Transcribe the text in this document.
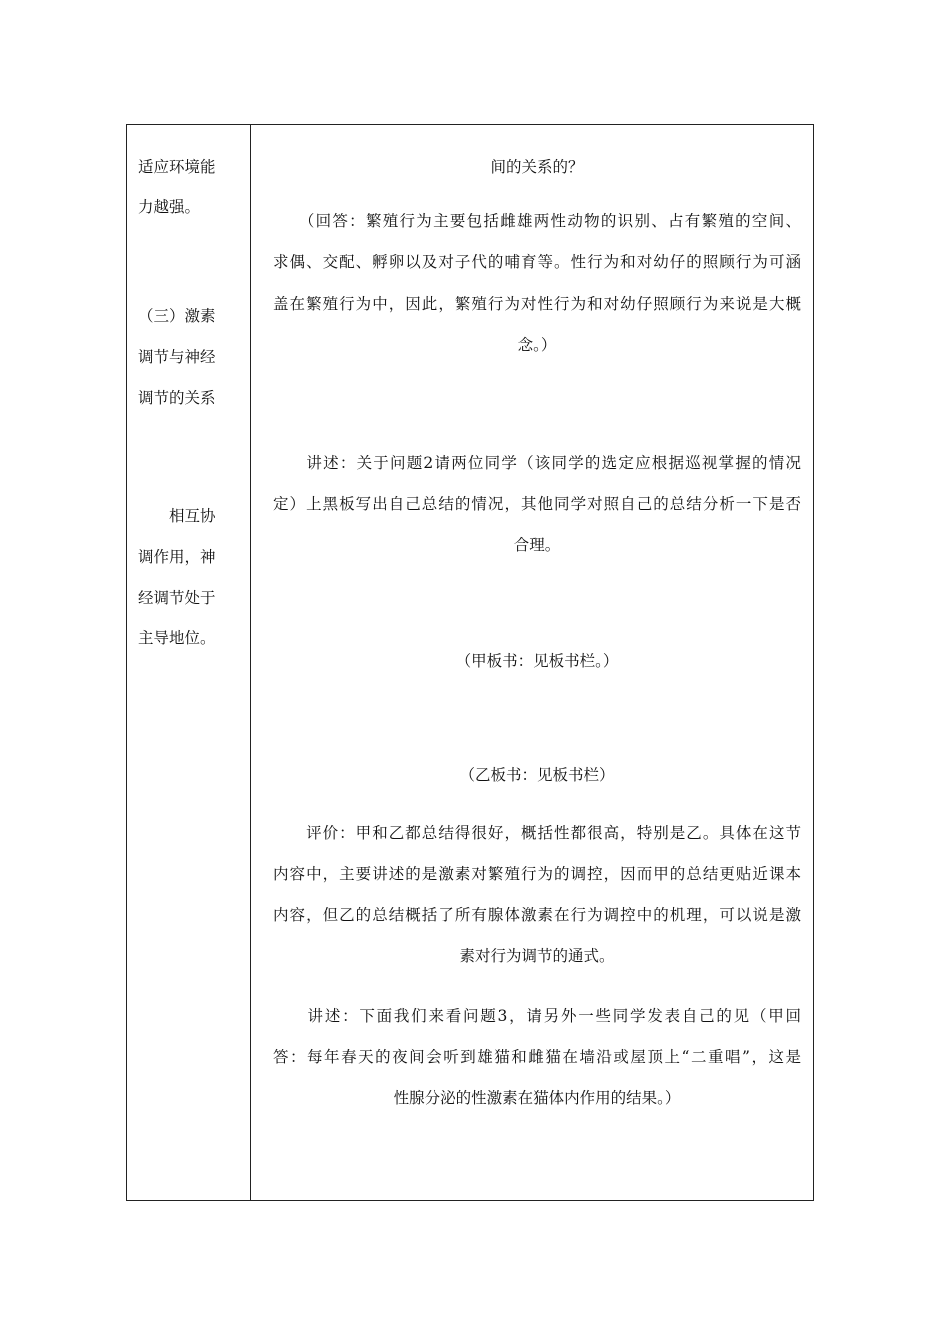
适应环境能
力越强。
（三）激素
调节与神经
调节的关系
　　相互协
调作用，神
经调节处于
主导地位。
间的关系的？
　　（回答：繁殖行为主要包括雌雄两性动物的识别、占有繁殖的空间、
求偶、交配、孵卵以及对子代的哺育等。性行为和对幼仔的照顾行为可涵
盖在繁殖行为中，因此，繁殖行为对性行为和对幼仔照顾行为来说是大概
念。）
　　讲述：关于问题2请两位同学（该同学的选定应根据巡视掌握的情况
定）上黑板写出自己总结的情况，其他同学对照自己的总结分析一下是否
合理。
（甲板书：见板书栏。）
（乙板书：见板书栏）
　　评价：甲和乙都总结得很好，概括性都很高，特别是乙。具体在这节
内容中，主要讲述的是激素对繁殖行为的调控，因而甲的总结更贴近课本
内容，但乙的总结概括了所有腺体激素在行为调控中的机理，可以说是激
素对行为调节的通式。
　　讲述：下面我们来看问题3，请另外一些同学发表自己的见（甲回
答：每年春天的夜间会听到雄猫和雌猫在墙沿或屋顶上“二重唱”，这是
性腺分泌的性激素在猫体内作用的结果。）
